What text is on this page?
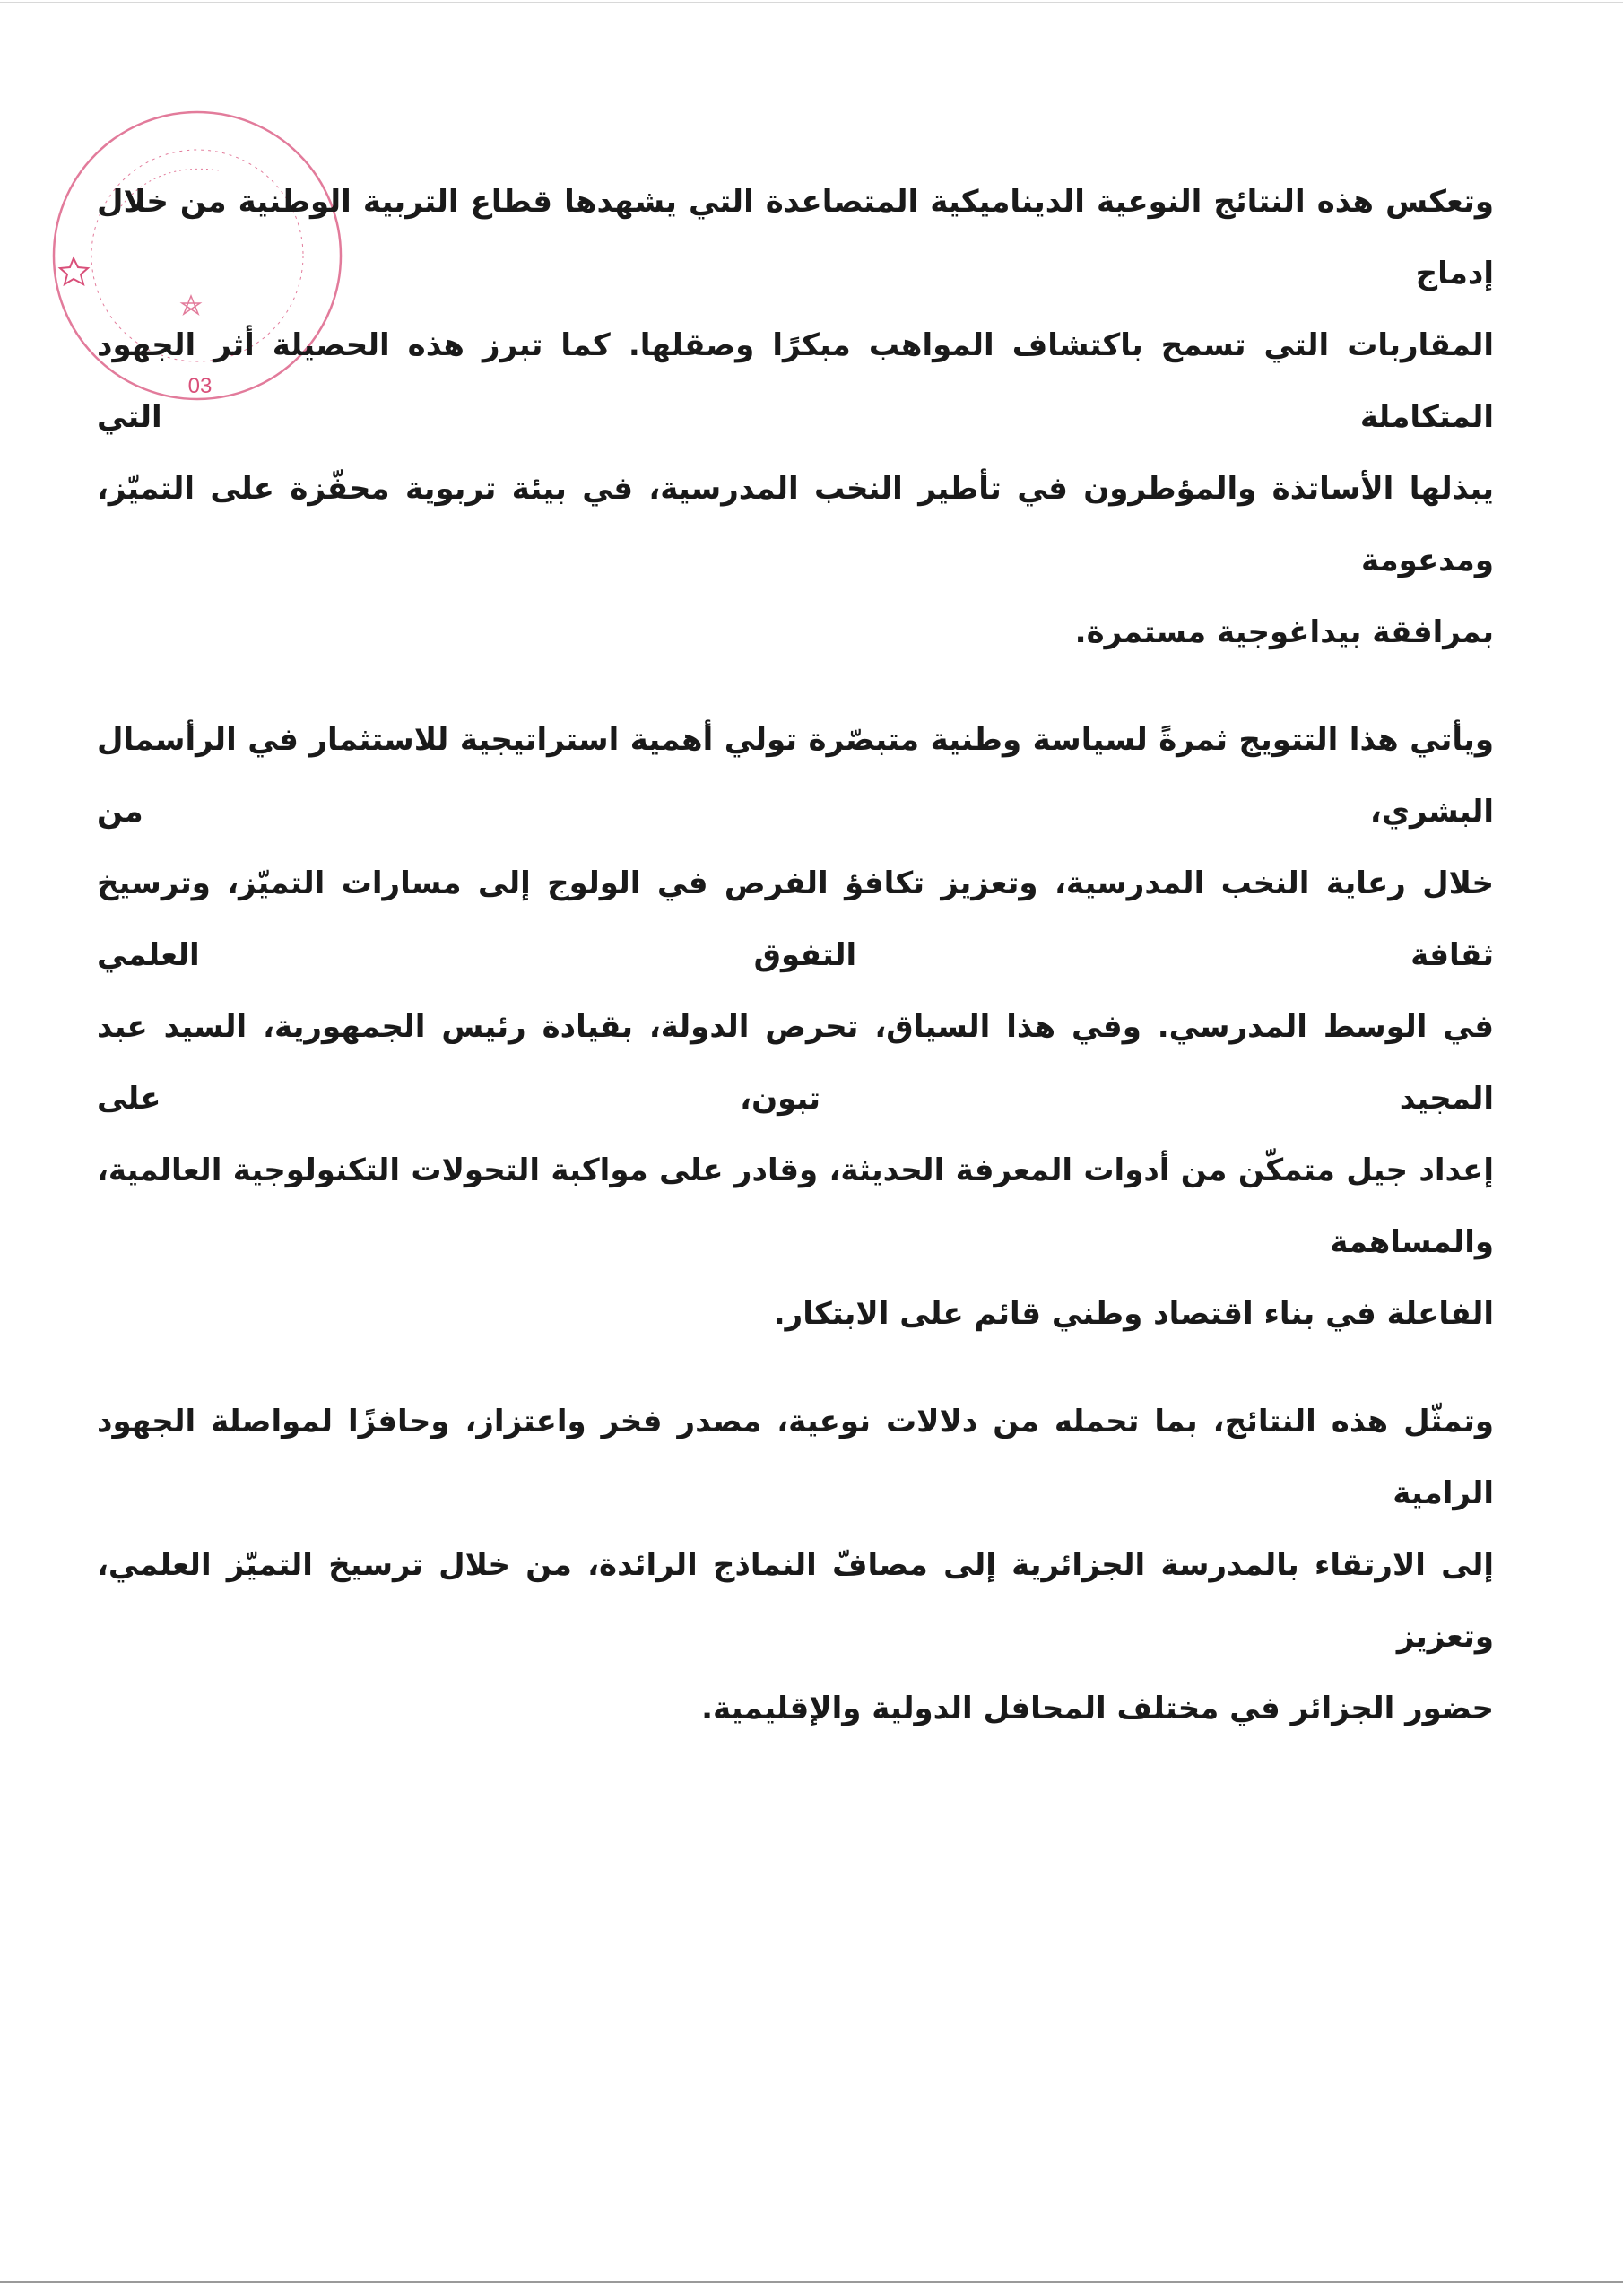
03
وتعكس هذه النتائج النوعية الديناميكية المتصاعدة التي يشهدها قطاع التربية الوطنية من خلال إدماج
المقاربات التي تسمح باكتشاف المواهب مبكرًا وصقلها. كما تبرز هذه الحصيلة أثر الجهود المتكاملة التي
يبذلها الأساتذة والمؤطرون في تأطير النخب المدرسية، في بيئة تربوية محفّزة على التميّز، ومدعومة
بمرافقة بيداغوجية مستمرة.
ويأتي هذا التتويج ثمرةً لسياسة وطنية متبصّرة تولي أهمية استراتيجية للاستثمار في الرأسمال البشري، من
خلال رعاية النخب المدرسية، وتعزيز تكافؤ الفرص في الولوج إلى مسارات التميّز، وترسيخ ثقافة التفوق العلمي
في الوسط المدرسي. وفي هذا السياق، تحرص الدولة، بقيادة رئيس الجمهورية، السيد عبد المجيد تبون، على
إعداد جيل متمكّن من أدوات المعرفة الحديثة، وقادر على مواكبة التحولات التكنولوجية العالمية، والمساهمة
الفاعلة في بناء اقتصاد وطني قائم على الابتكار.
وتمثّل هذه النتائج، بما تحمله من دلالات نوعية، مصدر فخر واعتزاز، وحافزًا لمواصلة الجهود الرامية
إلى الارتقاء بالمدرسة الجزائرية إلى مصافّ النماذج الرائدة، من خلال ترسيخ التميّز العلمي، وتعزيز
حضور الجزائر في مختلف المحافل الدولية والإقليمية.
